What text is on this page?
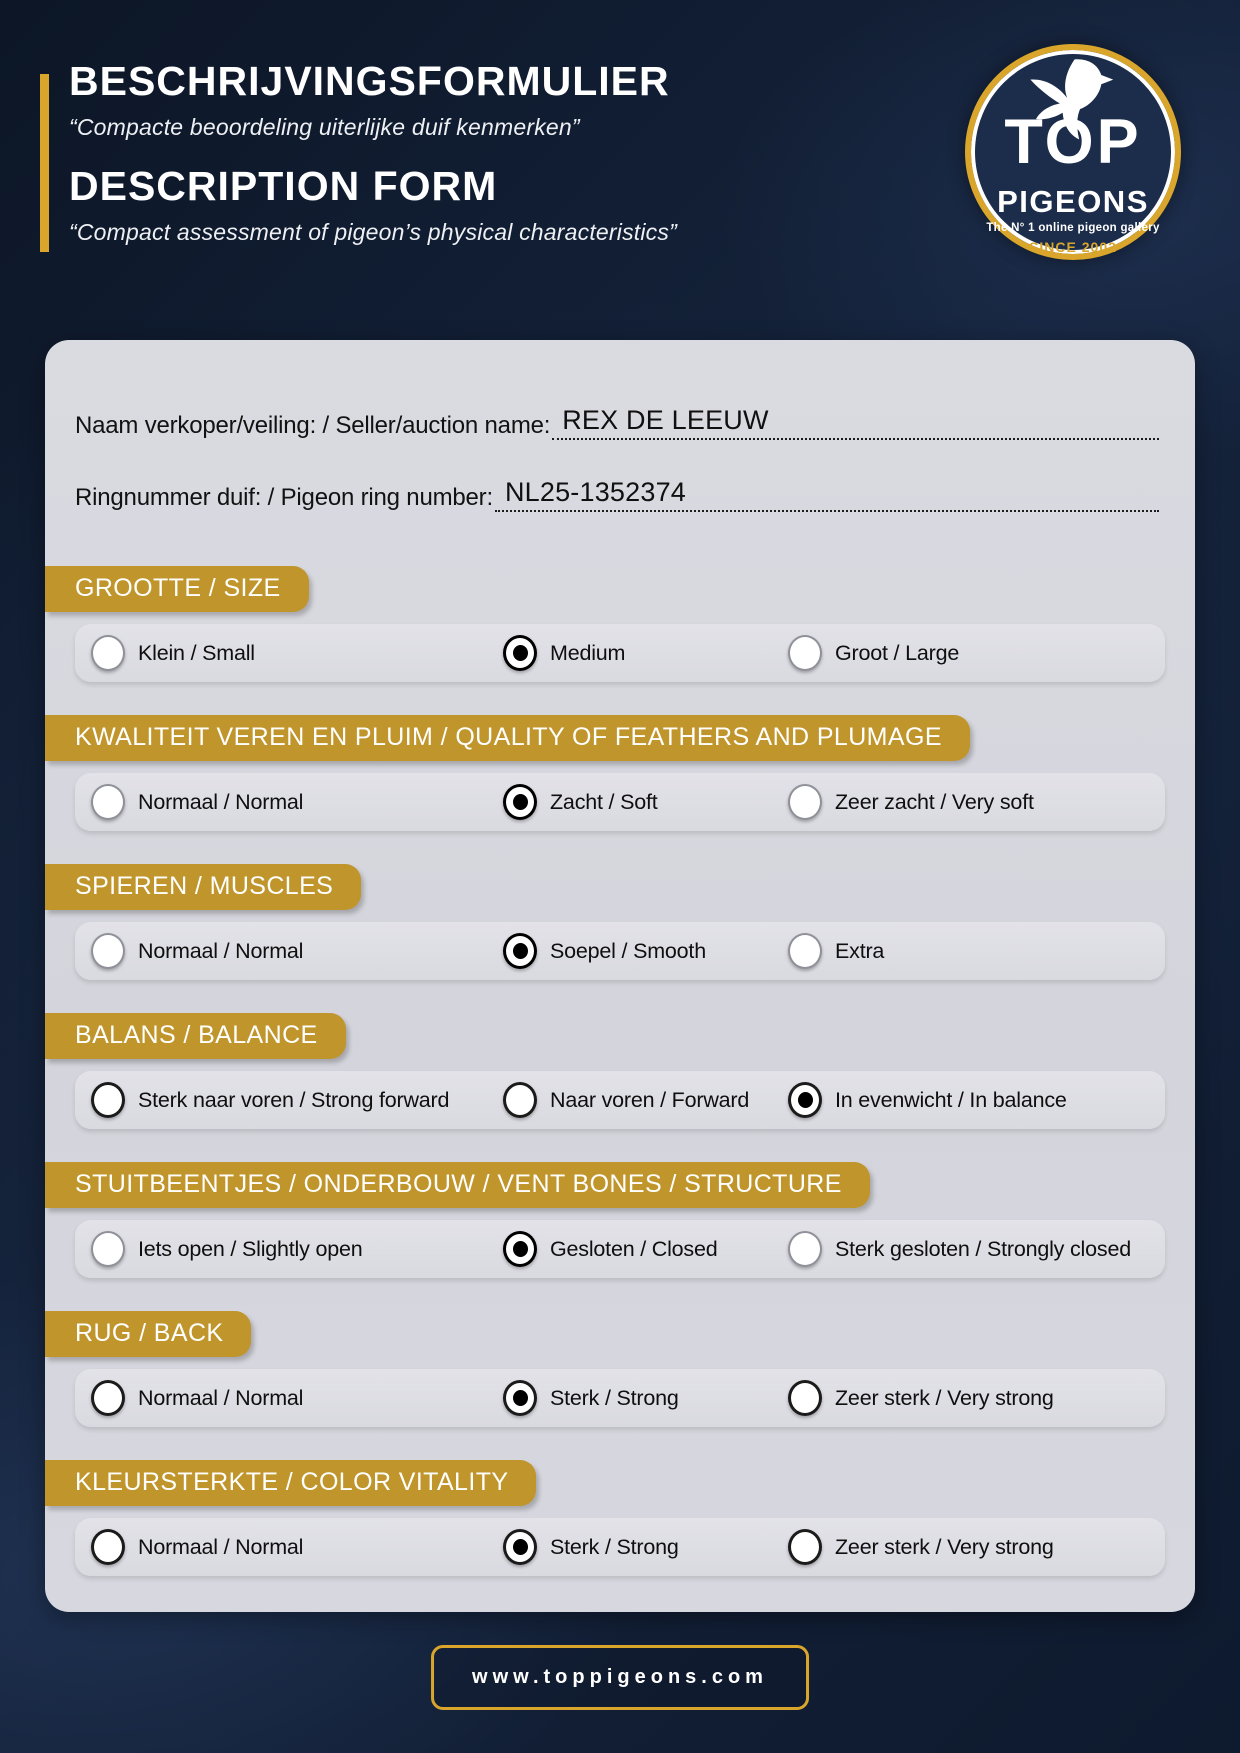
BESCHRIJVINGSFORMULIER
“Compacte beoordeling uiterlijke duif kenmerken”
DESCRIPTION FORM
“Compact assessment of pigeon’s physical characteristics”
TOP
PIGEONS
The N° 1 online pigeon gallery
SINCE 2002
Naam verkoper/veiling: / Seller/auction name: REX DE LEEUW
Ringnummer duif: / Pigeon ring number: NL25-1352374
GROOTTE / SIZE
Klein / Small	Medium	Groot / Large
KWALITEIT VEREN EN PLUIM / QUALITY OF FEATHERS AND PLUMAGE
Normaal / Normal	Zacht / Soft	Zeer zacht / Very soft
SPIEREN / MUSCLES
Normaal / Normal	Soepel / Smooth	Extra
BALANS / BALANCE
Sterk naar voren / Strong forward	Naar voren / Forward	In evenwicht / In balance
STUITBEENTJES / ONDERBOUW / VENT BONES / STRUCTURE
Iets open / Slightly open	Gesloten / Closed	Sterk gesloten / Strongly closed
RUG / BACK
Normaal / Normal	Sterk / Strong	Zeer sterk / Very strong
KLEURSTERKTE / COLOR VITALITY
Normaal / Normal	Sterk / Strong	Zeer sterk / Very strong
www.toppigeons.com
